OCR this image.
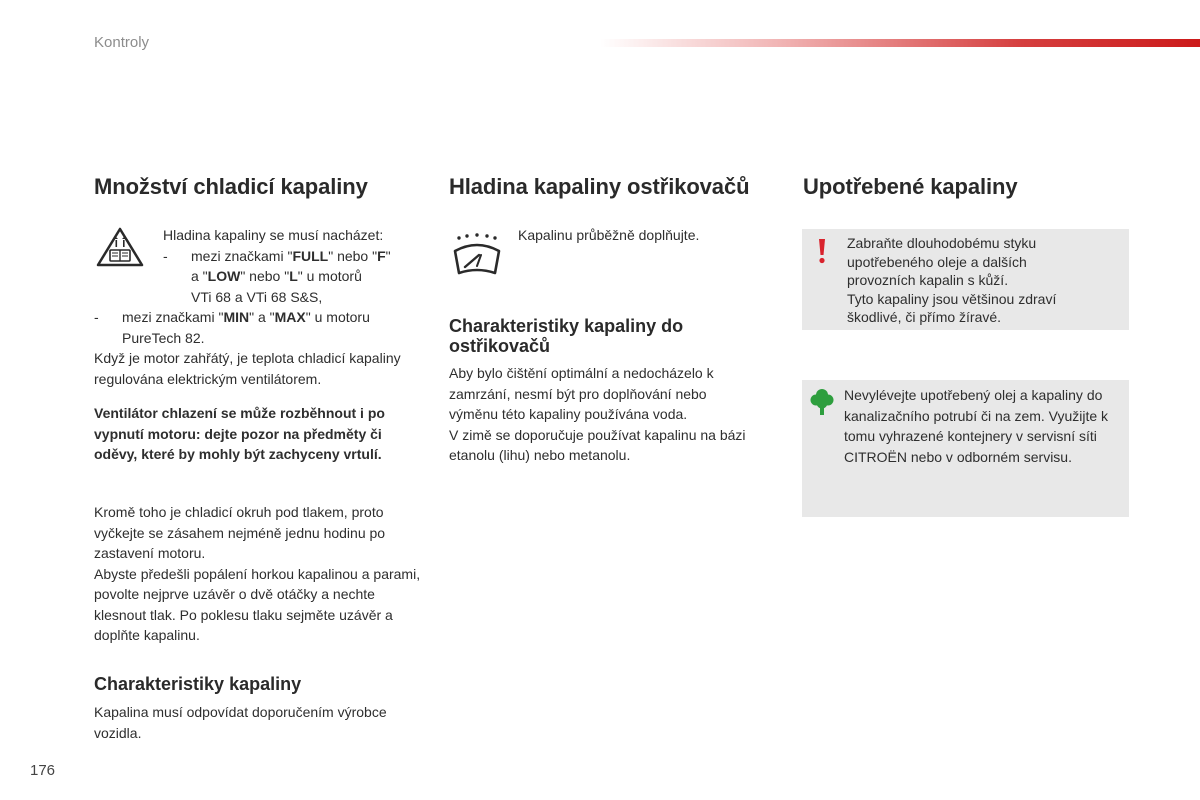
Kontroly
Množství chladicí kapaliny

Hladina kapaliny se musí nacházet:

-	mezi značkami "FULL" nebo "F"

a "LOW" nebo "L" u motorů

VTi 68 a VTi 68 S&S,

-	mezi značkami "MIN" a "MAX" u motoru

PureTech 82.

Když je motor zahřátý, je teplota chladicí kapaliny regulována elektrickým ventilátorem.

Ventilátor chlazení se může rozběhnout i po vypnutí motoru: dejte pozor na předměty či oděvy, které by mohly být zachyceny vrtulí.

Kromě toho je chladicí okruh pod tlakem, proto vyčkejte se zásahem nejméně jednu hodinu po zastavení motoru.

Abyste předešli popálení horkou kapalinou a parami, povolte nejprve uzávěr o dvě otáčky a nechte klesnout tlak. Po poklesu tlaku sejměte uzávěr a doplňte kapalinu.

Charakteristiky kapaliny

Kapalina musí odpovídat doporučením výrobce vozidla.

Hladina kapaliny ostřikovačů

Kapalinu průběžně doplňujte.

Charakteristiky kapaliny do ostřikovačů

Aby bylo čištění optimální a nedocházelo k zamrzání, nesmí být pro doplňování nebo výměnu této kapaliny používána voda.

V zimě se doporučuje používat kapalinu na bázi etanolu (lihu) nebo metanolu.

Upotřebené kapaliny

Zabraňte dlouhodobému styku upotřebeného oleje a dalších provozních kapalin s kůží.

Tyto kapaliny jsou většinou zdraví škodlivé, či přímo žíravé.

Nevylévejte upotřebený olej a kapaliny do kanalizačního potrubí či na zem. Využijte k tomu vyhrazené kontejnery v servisní síti CITROËN nebo v odborném servisu.

176
